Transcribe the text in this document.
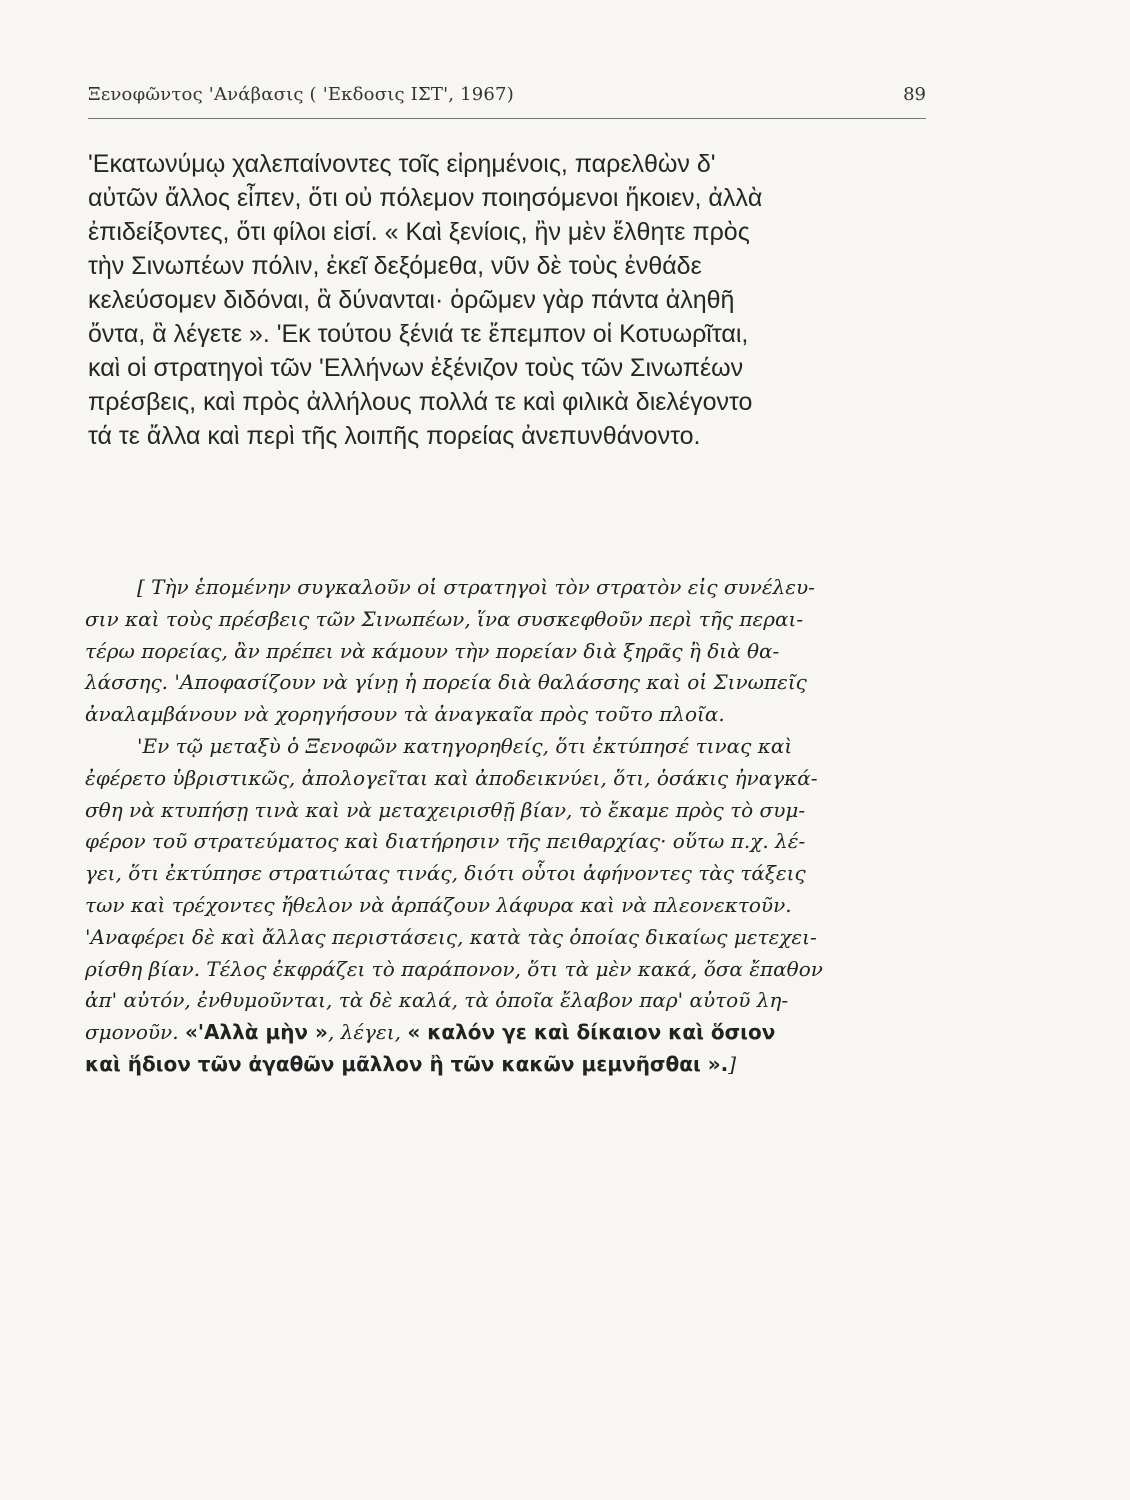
Ξενοφῶντος 'Ανάβασις ( 'Εκδοσις ΙΣΤ', 1967)	89
'Εκατωνύμῳ χαλεπαίνοντες τοῖς εἰρημένοις, παρελθὼν δ'
αὐτῶν ἄλλος εἶπεν, ὅτι οὐ πόλεμον ποιησόμενοι ἥκοιεν, ἀλλὰ
ἐπιδείξοντες, ὅτι φίλοι εἰσί. « Καὶ ξενίοις, ἢν μὲν ἔλθητε πρὸς
τὴν Σινωπέων πόλιν, ἐκεῖ δεξόμεθα, νῦν δὲ τοὺς ἐνθάδε
κελεύσομεν διδόναι, ἃ δύνανται· ὁρῶμεν γὰρ πάντα ἀληθῆ
ὄντα, ἃ λέγετε ». 'Εκ τούτου ξένιά τε ἔπεμπον οἱ Κοτυωρῖται,
καὶ οἱ στρατηγοὶ τῶν 'Ελλήνων ἐξένιζον τοὺς τῶν Σινωπέων
πρέσβεις, καὶ πρὸς ἀλλήλους πολλά τε καὶ φιλικὰ διελέγοντο
τά τε ἄλλα καὶ περὶ τῆς λοιπῆς πορείας ἀνεπυνθάνοντο.
[ Τὴν ἑπομένην συγκαλοῦν οἱ στρατηγοὶ τὸν στρατὸν εἰς συνέλευ-
σιν καὶ τοὺς πρέσβεις τῶν Σινωπέων, ἵνα συσκεφθοῦν περὶ τῆς περαι-
τέρω πορείας, ἂν πρέπει νὰ κάμουν τὴν πορείαν διὰ ξηρᾶς ἢ διὰ θα-
λάσσης. 'Αποφασίζουν νὰ γίνῃ ἡ πορεία διὰ θαλάσσης καὶ οἱ Σινωπεῖς
ἀναλαμβάνουν νὰ χορηγήσουν τὰ ἀναγκαῖα πρὸς τοῦτο πλοῖα.
'Εν τῷ μεταξὺ ὁ Ξενοφῶν κατηγορηθείς, ὅτι ἐκτύπησέ τινας καὶ
ἐφέρετο ὑβριστικῶς, ἀπολογεῖται καὶ ἀποδεικνύει, ὅτι, ὁσάκις ἠναγκά-
σθη νὰ κτυπήσῃ τινὰ καὶ νὰ μεταχειρισθῇ βίαν, τὸ ἔκαμε πρὸς τὸ συμ-
φέρον τοῦ στρατεύματος καὶ διατήρησιν τῆς πειθαρχίας· οὕτω π.χ. λέ-
γει, ὅτι ἐκτύπησε στρατιώτας τινάς, διότι οὗτοι ἀφήνοντες τὰς τάξεις
των καὶ τρέχοντες ἤθελον νὰ ἁρπάζουν λάφυρα καὶ νὰ πλεονεκτοῦν.
'Αναφέρει δὲ καὶ ἄλλας περιστάσεις, κατὰ τὰς ὁποίας δικαίως μετεχει-
ρίσθη βίαν. Τέλος ἐκφράζει τὸ παράπονον, ὅτι τὰ μὲν κακά, ὅσα ἔπαθον
ἀπ' αὐτόν, ἐνθυμοῦνται, τὰ δὲ καλά, τὰ ὁποῖα ἔλαβον παρ' αὐτοῦ λη-
σμονοῦν. «'Αλλὰ μὴν », λέγει, « καλόν γε καὶ δίκαιον καὶ ὅσιον
καὶ ἥδιον τῶν ἀγαθῶν μᾶλλον ἢ τῶν κακῶν μεμνῆσθαι ».]
